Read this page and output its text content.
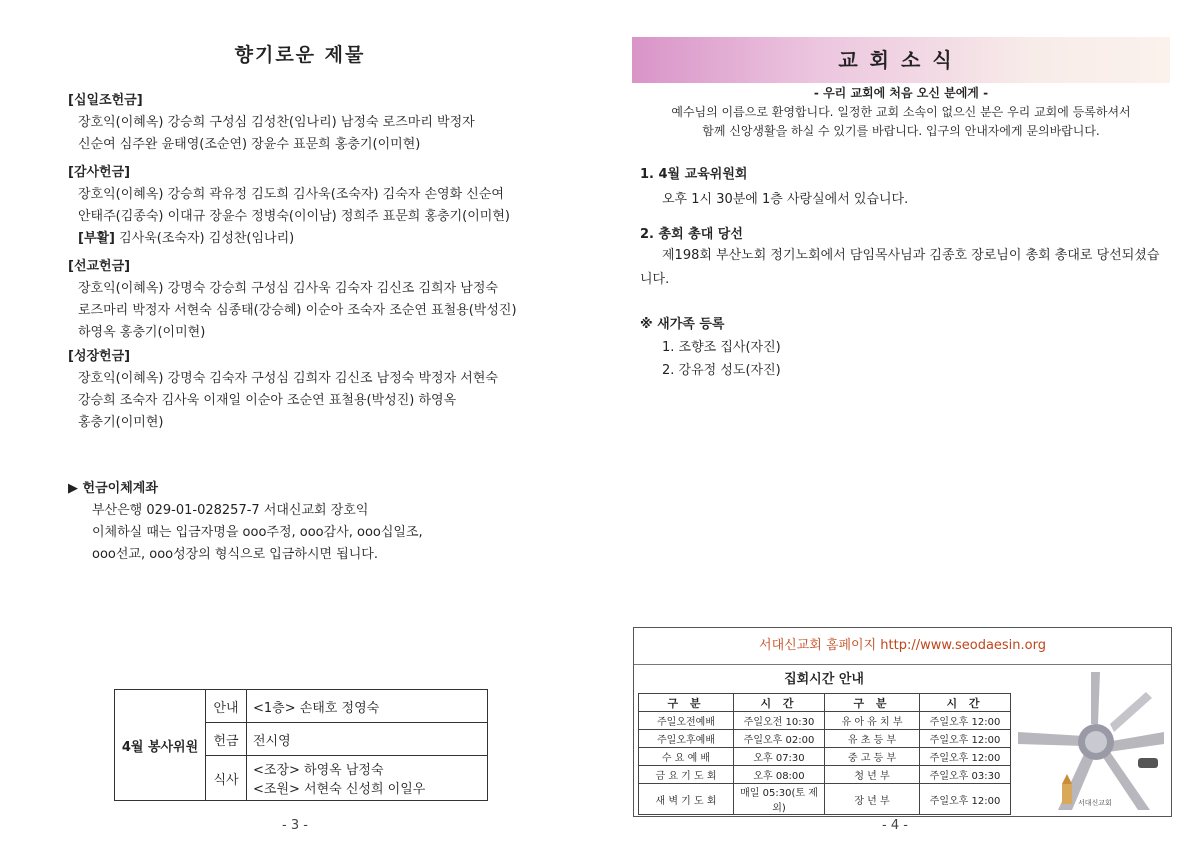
향기로운 제물
[십일조헌금]
장호익(이혜옥) 강승희 구성심 김성찬(임나리) 남정숙 로즈마리 박정자
신순여 심주완 윤태영(조순연) 장윤수 표문희 홍충기(이미현)
[감사헌금]
장호익(이혜옥) 강승희 곽유정 김도희 김사욱(조숙자) 김숙자 손영화 신순여
안태주(김종숙) 이대규 장윤수 정병숙(이이남) 정희주 표문희 홍충기(이미현)
[부활] 김사욱(조숙자) 김성찬(임나리)
[선교헌금]
장호익(이혜옥) 강명숙 강승희 구성심 김사욱 김숙자 김신조 김희자 남정숙
로즈마리 박정자 서현숙 심종태(강승혜) 이순아 조숙자 조순연 표철용(박성진)
하영옥 홍충기(이미현)
[성장헌금]
장호익(이혜옥) 강명숙 김숙자 구성심 김희자 김신조 남정숙 박정자 서현숙
강승희 조숙자 김사욱 이재일 이순아 조순연 표철용(박성진) 하영옥
홍충기(이미현)
▶ 헌금이체계좌
부산은행 029-01-028257-7 서대신교회 장호익
이체하실 때는 입금자명을 ooo주정, ooo감사, ooo십일조,
ooo선교, ooo성장의 형식으로 입금하시면 됩니다.
4월 봉사위원	안내	<1층> 손태호 정영숙
	헌금	전시영
	식사	<조장> 하영옥 남정숙
<조원> 서현숙 신성희 이일우
- 3 -
교회소식
- 우리 교회에 처음 오신 분에게 -
예수님의 이름으로 환영합니다. 일정한 교회 소속이 없으신 분은 우리 교회에 등록하셔서
함께 신앙생활을 하실 수 있기를 바랍니다. 입구의 안내자에게 문의바랍니다.
1. 4월 교육위원회
오후 1시 30분에 1층 사랑실에서 있습니다.
2. 총회 총대 당선
제198회 부산노회 정기노회에서 담임목사님과 김종호 장로님이 총회 총대로 당선되셨습니다.
※ 새가족 등록
1. 조향조 집사(자진)
2. 강유정 성도(자진)
서대신교회 홈페이지 http://www.seodaesin.org
집회시간 안내
구 분	시 간	구 분	시 간
주일오전예배	주일오전 10:30	유 아 유 치 부	주일오후 12:00
주일오후예배	주일오후 02:00	유 초 등 부	주일오후 12:00
수 요 예 배	오후 07:30	중 고 등 부	주일오후 12:00
금 요 기 도 회	오후 08:00	청 년 부	주일오후 03:30
새 벽 기 도 회	매일 05:30(토 제외)	장 년 부	주일오후 12:00	서대신교회
- 4 -
